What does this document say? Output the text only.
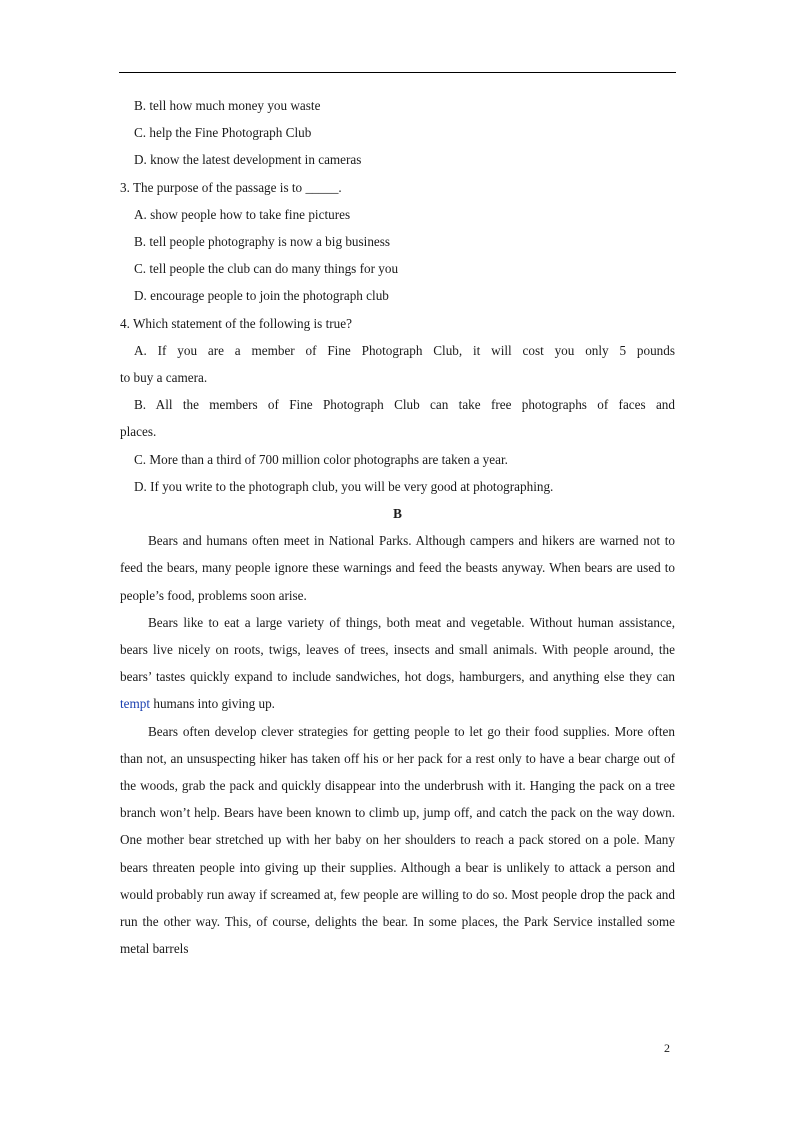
B. tell how much money you waste
C. help the Fine Photograph Club
D. know the latest development in cameras
3. The purpose of the passage is to _____.
A. show people how to take fine pictures
B. tell people photography is now a big business
C. tell people the club can do many things for you
D. encourage people to join the photograph club
4. Which statement of the following is true?
A. If you are a member of Fine Photograph Club, it will cost you only 5 pounds
to buy a camera.
B. All the members of Fine Photograph Club can take free photographs of faces and
places.
C. More than a third of 700 million color photographs are taken a year.
D. If you write to the photograph club, you will be very good at photographing.
B

Bears and humans often meet in National Parks. Although campers and hikers are warned not to feed the bears, many people ignore these warnings and feed the beasts anyway. When bears are used to people’s food, problems soon arise.

Bears like to eat a large variety of things, both meat and vegetable. Without human assistance, bears live nicely on roots, twigs, leaves of trees, insects and small animals. With people around, the bears’ tastes quickly expand to include sandwiches, hot dogs, hamburgers, and anything else they can tempt humans into giving up.

Bears often develop clever strategies for getting people to let go their food supplies. More often than not, an unsuspecting hiker has taken off his or her pack for a rest only to have a bear charge out of the woods, grab the pack and quickly disappear into the underbrush with it. Hanging the pack on a tree branch won’t help. Bears have been known to climb up, jump off, and catch the pack on the way down. One mother bear stretched up with her baby on her shoulders to reach a pack stored on a pole. Many bears threaten people into giving up their supplies. Although a bear is unlikely to attack a person and would probably run away if screamed at, few people are willing to do so. Most people drop the pack and run the other way. This, of course, delights the bear. In some places, the Park Service installed some metal barrels

2
